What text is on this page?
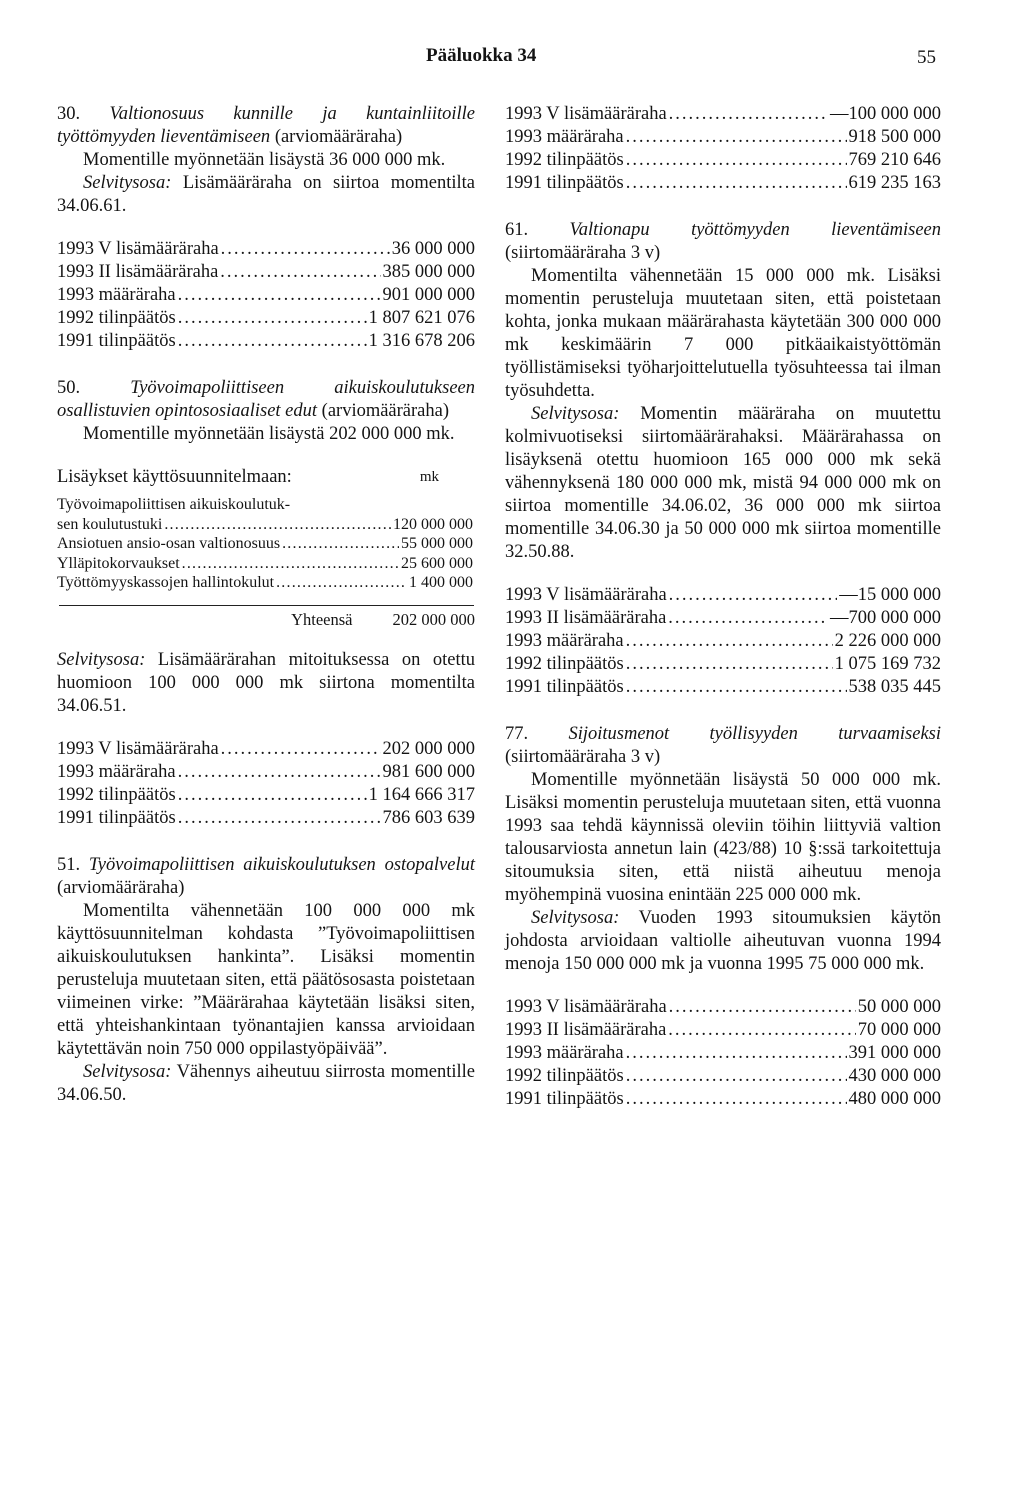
Pääluokka 34	55

30. Valtionosuus kunnille ja kuntainliitoille työttömyyden lieventämiseen (arviomääräraha)

Momentille myönnetään lisäystä 36 000 000 mk.

Selvitysosa: Lisämääräraha on siirtoa momentilta 34.06.61.

1993 V lisämääräraha .....	36 000 000
1993 II lisämääräraha .....	385 000 000
1993 määräraha .....	901 000 000
1992 tilinpäätös .....	1 807 621 076
1991 tilinpäätös .....	1 316 678 206

50.	Työvoimapoliittiseen aikuiskoulutukseen osallistuvien opintososiaaliset edut (arviomääräraha)

Momentille myönnetään lisäystä 202 000 000 mk.

Lisäykset käyttösuunnitelmaan:	mk
Työvoimapoliittisen aikuiskoulutuk-
sen koulutustuki .....	120 000 000
Ansiotuen ansio-osan valtionosuus .....	55 000 000
Ylläpitokorvaukset .....	25 600 000
Työttömyyskassojen hallintokulut .....	1 400 000
Yhteensä 202 000 000

Selvitysosa: Lisämäärärahan mitoituksessa on otettu huomioon 100 000 000 mk siirtona momentilta 34.06.51.

1993 V lisämääräraha .....	202 000 000
1993 määräraha .....	981 600 000
1992 tilinpäätös .....	1 164 666 317
1991 tilinpäätös .....	786 603 639

51. Työvoimapoliittisen aikuiskoulutuksen ostopalvelut (arviomääräraha)

Momentilta vähennetään 100 000 000 mk käyttösuunnitelman kohdasta ”Työvoimapoliittisen aikuiskoulutuksen hankinta”. Lisäksi momentin perusteluja muutetaan siten, että päätösosasta poistetaan viimeinen virke: ”Määrärahaa käytetään lisäksi siten, että yhteishankintaan työnantajien kanssa arvioidaan käytettävän noin 750 000 oppilastyöpäivää”.

Selvitysosa: Vähennys aiheutuu siirrosta momentille 34.06.50.

1993 V lisämääräraha .....	—100 000 000
1993 määräraha .....	918 500 000
1992 tilinpäätös .....	769 210 646
1991 tilinpäätös .....	619 235 163

61. Valtionapu työttömyyden lieventämiseen (siirtomääräraha 3 v)

Momentilta vähennetään 15 000 000 mk. Lisäksi momentin perusteluja muutetaan siten, että poistetaan kohta, jonka mukaan määrärahasta käytetään 300 000 000 mk keskimäärin 7 000 pitkäaikaistyöttömän työllistämiseksi työharjoittelutuella työsuhteessa tai ilman työsuhdetta.

Selvitysosa: Momentin määräraha on muutettu kolmivuotiseksi siirtomäärärahaksi. Määrärahassa on lisäyksenä otettu huomioon 165 000 000 mk sekä vähennyksenä 180 000 000 mk, mistä 94 000 000 mk on siirtoa momentille 34.06.02, 36 000 000 mk siirtoa momentille 34.06.30 ja 50 000 000 mk siirtoa momentille 32.50.88.

1993 V lisämääräraha .....	—15 000 000
1993 II lisämääräraha .....	—700 000 000
1993 määräraha .....	2 226 000 000
1992 tilinpäätös .....	1 075 169 732
1991 tilinpäätös .....	538 035 445

77. Sijoitusmenot työllisyyden turvaamiseksi (siirtomääräraha 3 v)

Momentille myönnetään lisäystä 50 000 000 mk. Lisäksi momentin perusteluja muutetaan siten, että vuonna 1993 saa tehdä käynnissä oleviin töihin liittyviä valtion talousarviosta annetun lain (423/88) 10 §:ssä tarkoitettuja sitoumuksia siten, että niistä aiheutuu menoja myöhempinä vuosina enintään 225 000 000 mk.

Selvitysosa: Vuoden 1993 sitoumuksien käytön johdosta arvioidaan valtiolle aiheutuvan vuonna 1994 menoja 150 000 000 mk ja vuonna 1995 75 000 000 mk.

1993 V lisämääräraha .....	50 000 000
1993 II lisämääräraha .....	70 000 000
1993 määräraha .....	391 000 000
1992 tilinpäätös .....	430 000 000
1991 tilinpäätös .....	480 000 000
